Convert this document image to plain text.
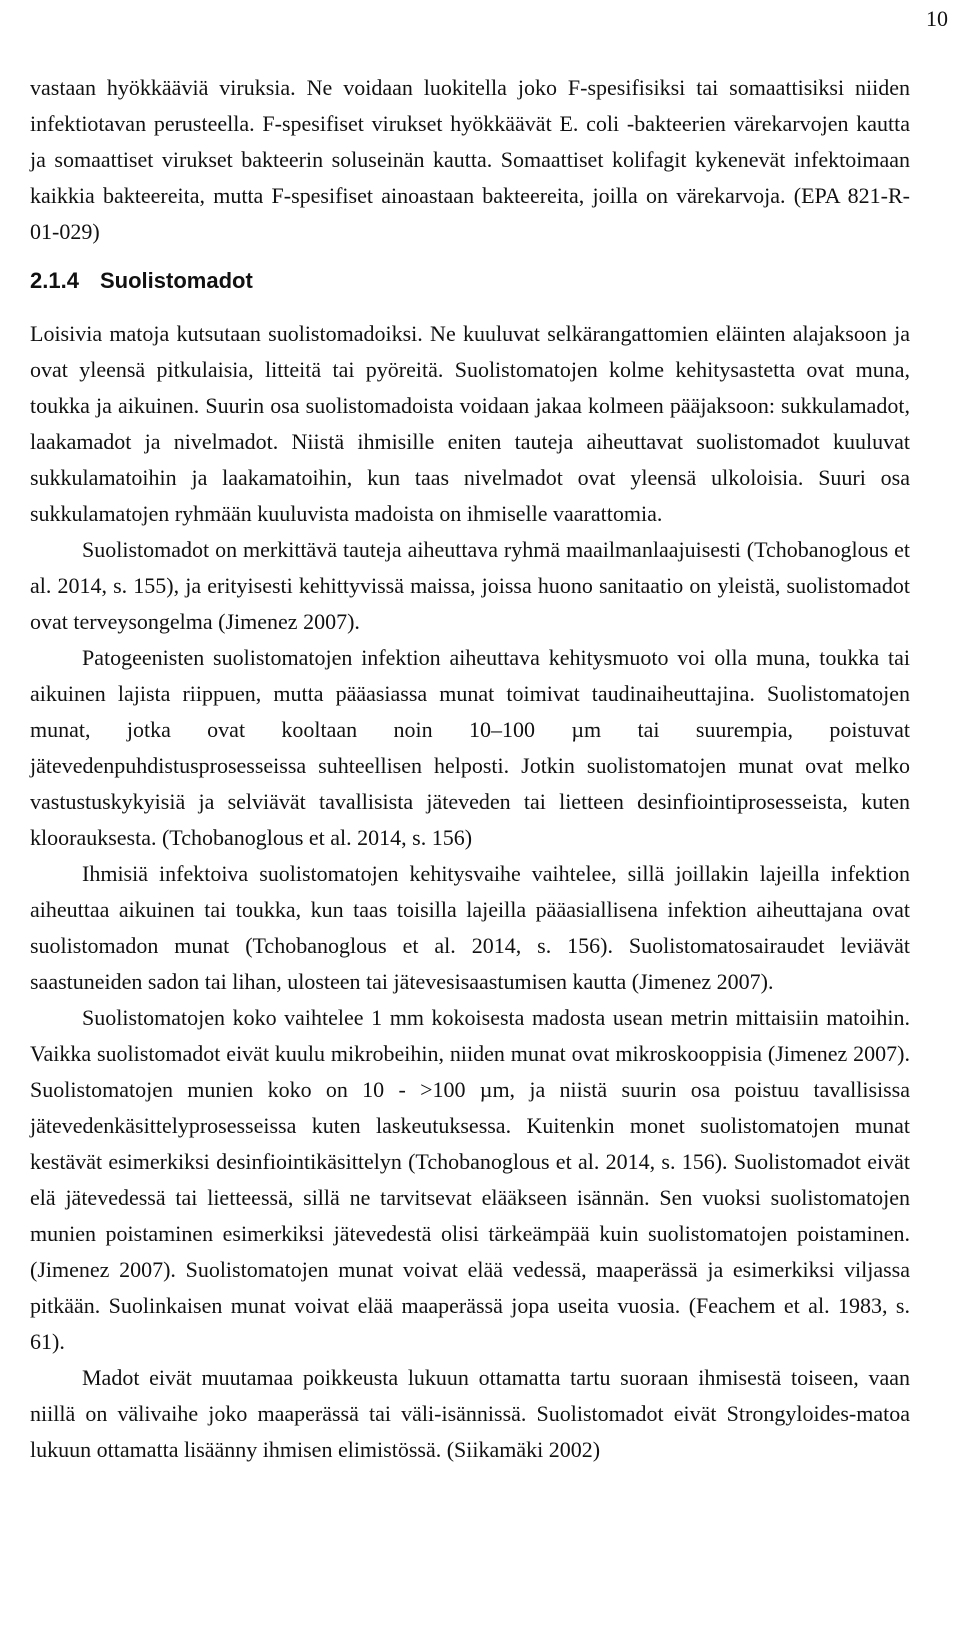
10

vastaan hyökkääviä viruksia. Ne voidaan luokitella joko F-spesifisiksi tai somaattisiksi niiden infektiotavan perusteella. F-spesifiset virukset hyökkäävät E. coli -bakteerien värekarvojen kautta ja somaattiset virukset bakteerin soluseinän kautta. Somaattiset kolifagit kykenevät infektoimaan kaikkia bakteereita, mutta F-spesifiset ainoastaan bakteereita, joilla on värekarvoja. (EPA 821-R-01-029)

2.1.4 Suolistomadot

Loisivia matoja kutsutaan suolistomadoiksi. Ne kuuluvat selkärangattomien eläinten alajaksoon ja ovat yleensä pitkulaisia, litteitä tai pyöreitä. Suolistomatojen kolme kehitysastetta ovat muna, toukka ja aikuinen. Suurin osa suolistomadoista voidaan jakaa kolmeen pääjaksoon: sukkulamadot, laakamadot ja nivelmadot. Niistä ihmisille eniten tauteja aiheuttavat suolistomadot kuuluvat sukkulamatoihin ja laakamatoihin, kun taas nivelmadot ovat yleensä ulkoloisia. Suuri osa sukkulamatojen ryhmään kuuluvista madoista on ihmiselle vaarattomia.

Suolistomadot on merkittävä tauteja aiheuttava ryhmä maailmanlaajuisesti (Tchobanoglous et al. 2014, s. 155), ja erityisesti kehittyvissä maissa, joissa huono sanitaatio on yleistä, suolistomadot ovat terveysongelma (Jimenez 2007).

Patogeenisten suolistomatojen infektion aiheuttava kehitysmuoto voi olla muna, toukka tai aikuinen lajista riippuen, mutta pääasiassa munat toimivat taudinaiheuttajina. Suolistomatojen munat, jotka ovat kooltaan noin 10–100 µm tai suurempia, poistuvat jätevedenpuhdistusprosesseissa suhteellisen helposti. Jotkin suolistomatojen munat ovat melko vastustuskykyisiä ja selviävät tavallisista jäteveden tai lietteen desinfiointiprosesseista, kuten kloorauksesta. (Tchobanoglous et al. 2014, s. 156)

Ihmisiä infektoiva suolistomatojen kehitysvaihe vaihtelee, sillä joillakin lajeilla infektion aiheuttaa aikuinen tai toukka, kun taas toisilla lajeilla pääasiallisena infektion aiheuttajana ovat suolistomadon munat (Tchobanoglous et al. 2014, s. 156). Suolistomatosairaudet leviävät saastuneiden sadon tai lihan, ulosteen tai jätevesisaastumisen kautta (Jimenez 2007).

Suolistomatojen koko vaihtelee 1 mm kokoisesta madosta usean metrin mittaisiin matoihin. Vaikka suolistomadot eivät kuulu mikrobeihin, niiden munat ovat mikroskooppisia (Jimenez 2007). Suolistomatojen munien koko on 10 - >100 µm, ja niistä suurin osa poistuu tavallisissa jätevedenkäsittelyprosesseissa kuten laskeutuksessa. Kuitenkin monet suolistomatojen munat kestävät esimerkiksi desinfiointikäsittelyn (Tchobanoglous et al. 2014, s. 156). Suolistomadot eivät elä jätevedessä tai lietteessä, sillä ne tarvitsevat elääkseen isännän. Sen vuoksi suolistomatojen munien poistaminen esimerkiksi jätevedestä olisi tärkeämpää kuin suolistomatojen poistaminen. (Jimenez 2007). Suolistomatojen munat voivat elää vedessä, maaperässä ja esimerkiksi viljassa pitkään. Suolinkaisen munat voivat elää maaperässä jopa useita vuosia. (Feachem et al. 1983, s. 61).

Madot eivät muutamaa poikkeusta lukuun ottamatta tartu suoraan ihmisestä toiseen, vaan niillä on välivaihe joko maaperässä tai väli-isännissä. Suolistomadot eivät Strongyloides-matoa lukuun ottamatta lisäänny ihmisen elimistössä. (Siikamäki 2002)
